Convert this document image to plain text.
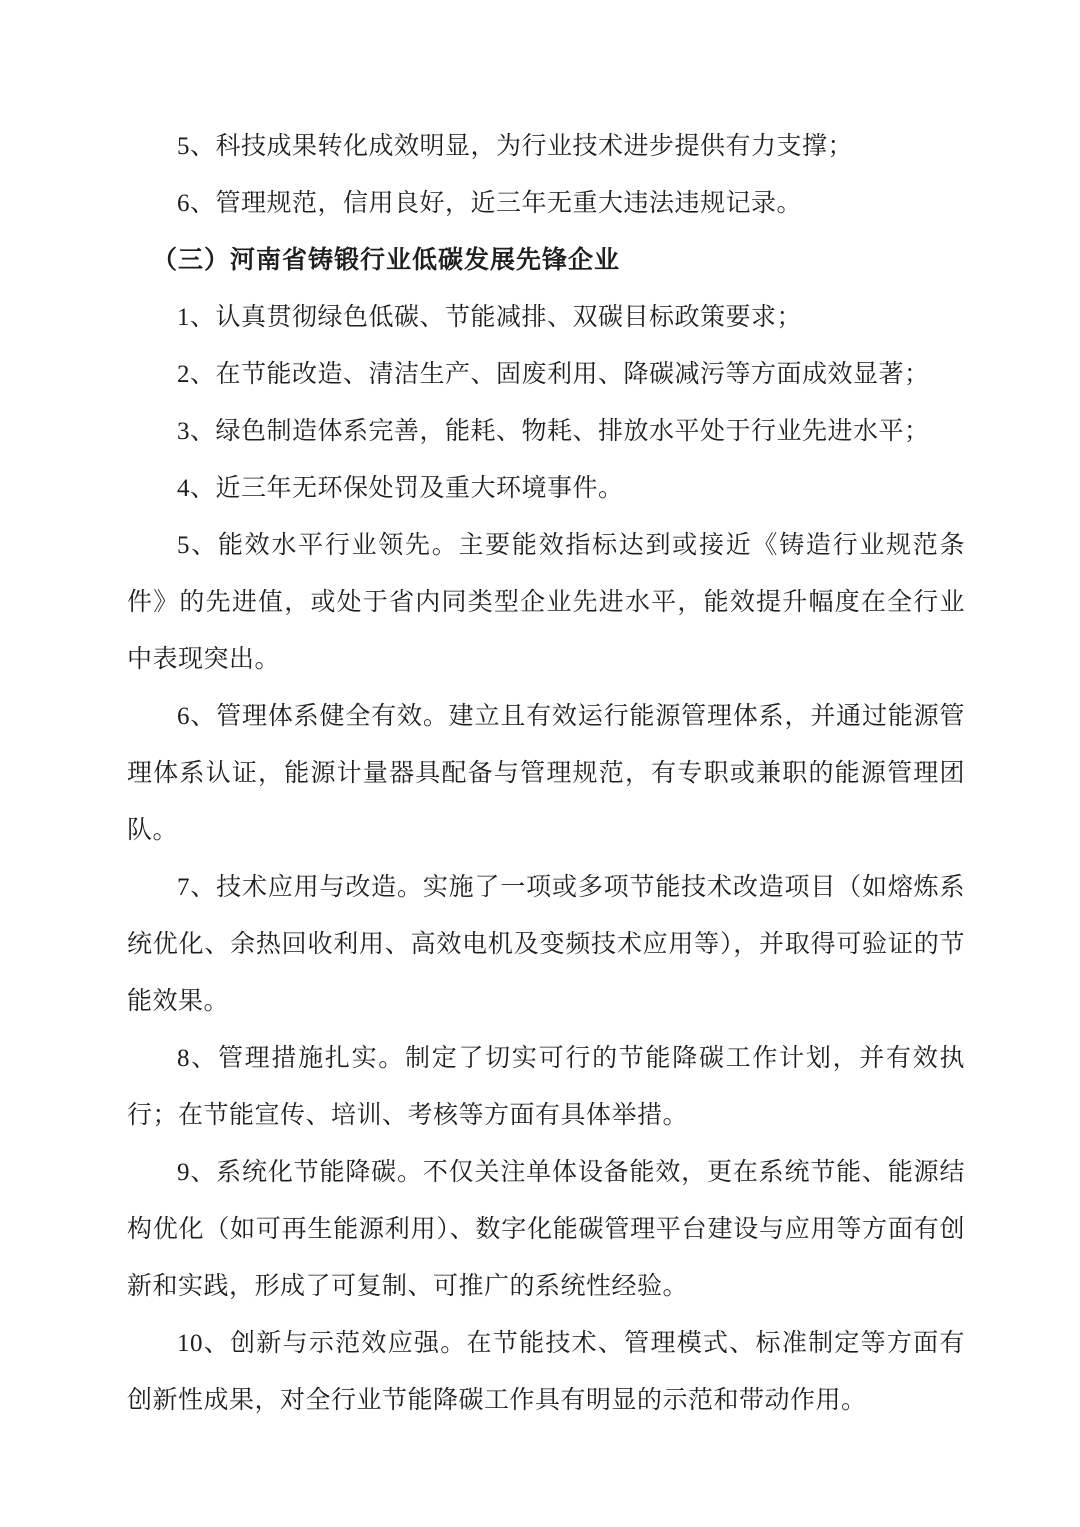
5、科技成果转化成效明显，为行业技术进步提供有力支撑；

6、管理规范，信用良好，近三年无重大违法违规记录。

（三）河南省铸锻行业低碳发展先锋企业

1、认真贯彻绿色低碳、节能减排、双碳目标政策要求；

2、在节能改造、清洁生产、固废利用、降碳减污等方面成效显著；

3、绿色制造体系完善，能耗、物耗、排放水平处于行业先进水平；

4、近三年无环保处罚及重大环境事件。

5、能效水平行业领先。主要能效指标达到或接近《铸造行业规范条件》的先进值，或处于省内同类型企业先进水平，能效提升幅度在全行业中表现突出。

6、管理体系健全有效。建立且有效运行能源管理体系，并通过能源管理体系认证，能源计量器具配备与管理规范，有专职或兼职的能源管理团队。

7、技术应用与改造。实施了一项或多项节能技术改造项目（如熔炼系统优化、余热回收利用、高效电机及变频技术应用等），并取得可验证的节能效果。

8、管理措施扎实。制定了切实可行的节能降碳工作计划，并有效执行；在节能宣传、培训、考核等方面有具体举措。

9、系统化节能降碳。不仅关注单体设备能效，更在系统节能、能源结构优化（如可再生能源利用）、数字化能碳管理平台建设与应用等方面有创新和实践，形成了可复制、可推广的系统性经验。

10、创新与示范效应强。在节能技术、管理模式、标准制定等方面有创新性成果，对全行业节能降碳工作具有明显的示范和带动作用。
